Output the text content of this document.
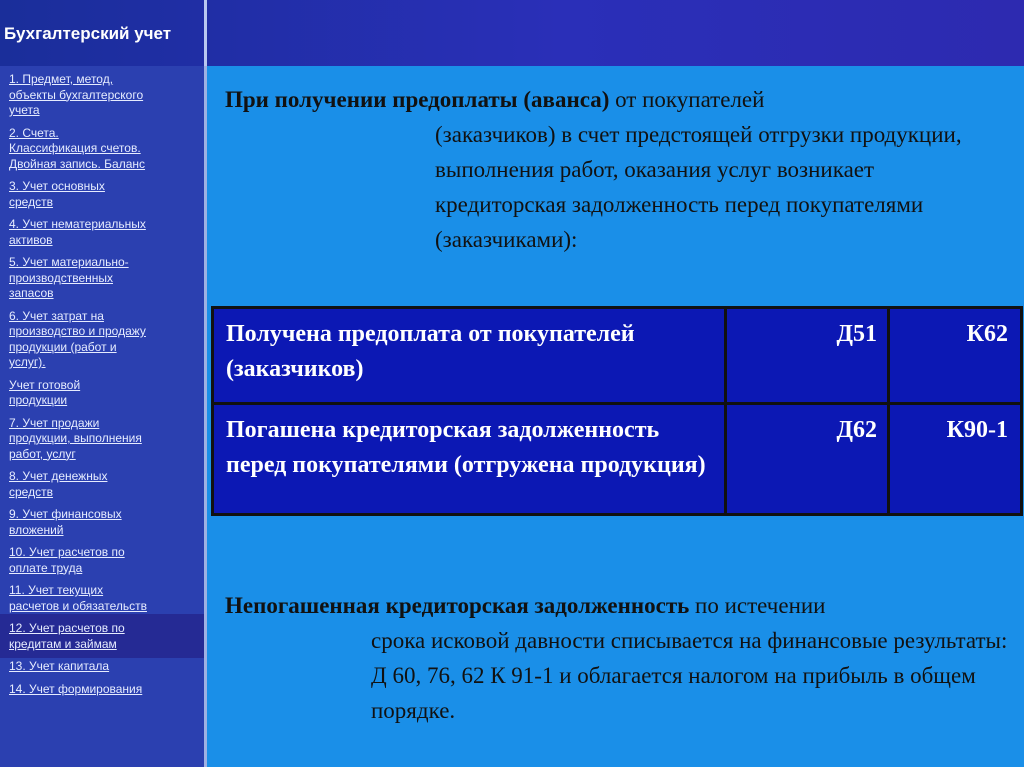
Бухгалтерский учет
1. Предмет, метод,
объекты бухгалтерского
учета
2. Счета.
Классификация счетов.
Двойная запись. Баланс
3. Учет основных
средств
4. Учет нематериальных
активов
5. Учет материально-
производственных
запасов
6. Учет затрат на
производство и продажу
продукции (работ и
услуг).
Учет готовой
продукции
7. Учет продажи
продукции, выполнения
работ, услуг
8. Учет денежных
средств
9. Учет финансовых
вложений
10. Учет расчетов по
оплате труда
11. Учет текущих
расчетов и обязательств
12. Учет расчетов по
кредитам и займам
13. Учет капитала
14. Учет формирования

При получении предоплаты (аванса) от покупателей
(заказчиков) в счет предстоящей отгрузки продукции, выполнения работ, оказания услуг возникает кредиторская задолженность перед покупателями (заказчиками):

Получена предоплата от покупателей (заказчиков)	Д51	К62
Погашена кредиторская задолженность перед покупателями (отгружена продукция)	Д62	К90-1

Непогашенная кредиторская задолженность по истечении
срока исковой давности списывается на финансовые результаты: Д 60, 76, 62 К 91-1 и облагается налогом на прибыль в общем порядке.
